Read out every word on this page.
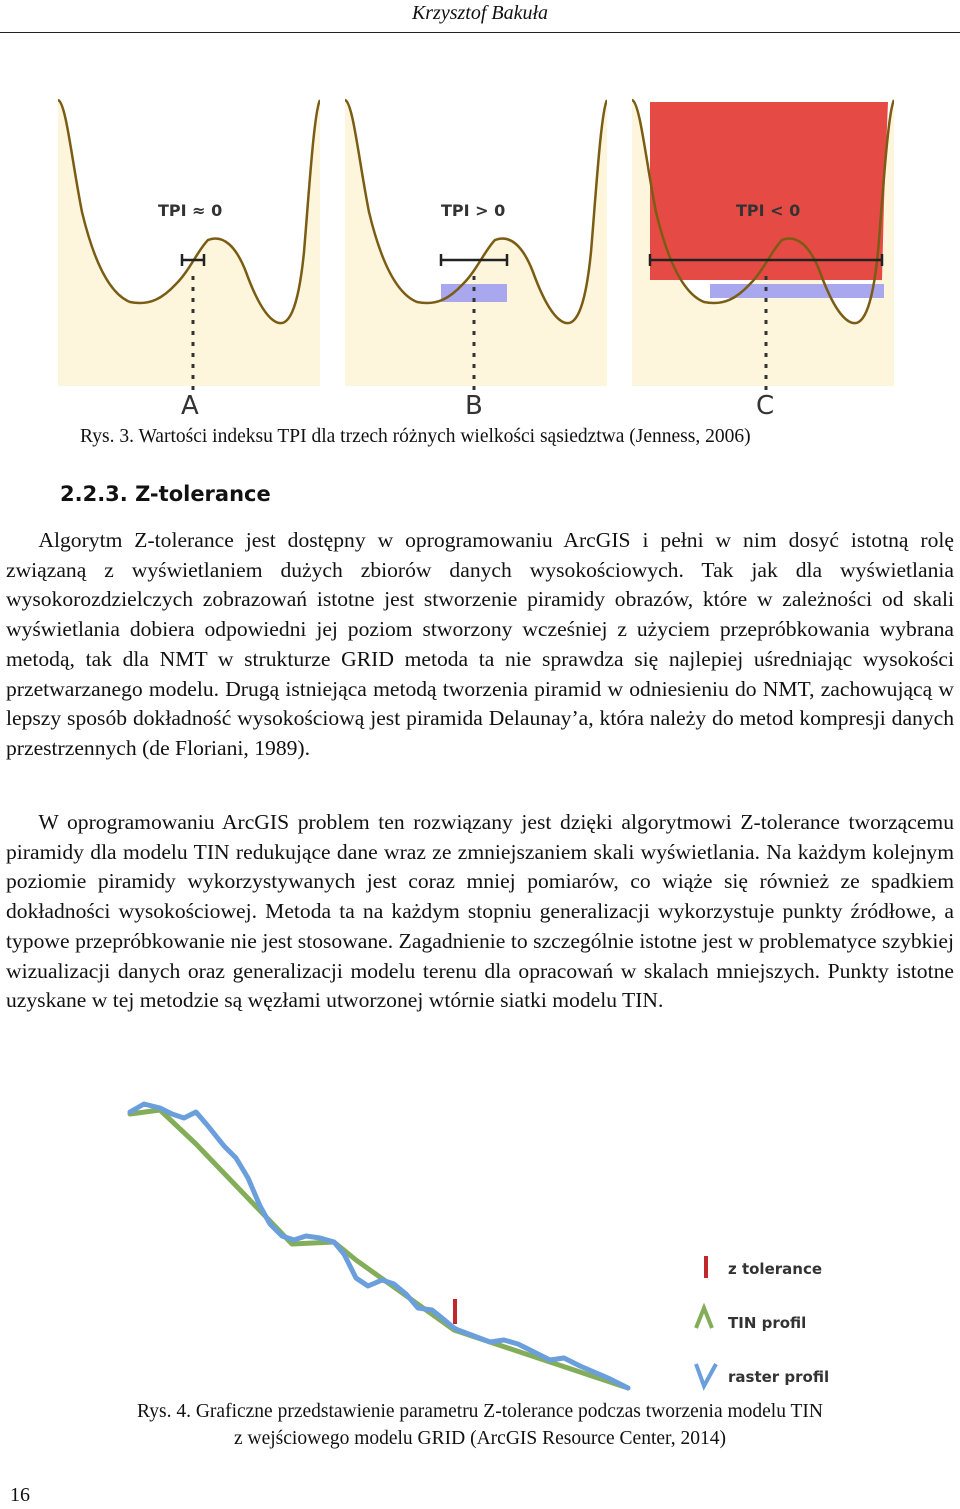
Krzysztof Bakuła
TPI ≈ 0
A
TPI > 0
B
TPI < 0
C
Rys. 3. Wartości indeksu TPI dla trzech różnych wielkości sąsiedztwa (Jenness, 2006)
2.2.3. Z-tolerance

  Algorytm Z-tolerance jest dostępny w oprogramowaniu ArcGIS i pełni w nim dosyć istotną rolę związaną z wyświetlaniem dużych zbiorów danych wysokościowych. Tak jak dla wyświetlania wysokorozdzielczych zobrazowań istotne jest stworzenie piramidy obrazów, które w zależności od skali wyświetlania dobiera odpowiedni jej poziom stworzony wcześniej z użyciem przepróbkowania wybrana metodą, tak dla NMT w strukturze GRID metoda ta nie sprawdza się najlepiej uśredniając wysokości przetwarzanego modelu. Drugą istniejąca metodą tworzenia piramid w odniesieniu do NMT, zachowującą w lepszy sposób dokładność wysokościową jest piramida Delaunay’a, która należy do metod kompresji danych przestrzennych (de Floriani, 1989).

  W oprogramowaniu ArcGIS problem ten rozwiązany jest dzięki algorytmowi Z-tolerance tworzącemu piramidy dla modelu TIN redukujące dane wraz ze zmniejszaniem skali wyświetlania. Na każdym kolejnym poziomie piramidy wykorzystywanych jest coraz mniej pomiarów, co wiąże się również ze spadkiem dokładności wysokościowej. Metoda ta na każdym stopniu generalizacji wykorzystuje punkty źródłowe, a typowe przepróbkowanie nie jest stosowane. Zagadnienie to szczególnie istotne jest w problematyce szybkiej wizualizacji danych oraz generalizacji modelu terenu dla opracowań w skalach mniejszych. Punkty istotne uzyskane w tej metodzie są węzłami utworzonej wtórnie siatki modelu TIN.

z tolerance
TIN profil
raster profil
Rys. 4. Graficzne przedstawienie parametru Z-tolerance podczas tworzenia modelu TIN
z wejściowego modelu GRID (ArcGIS Resource Center, 2014)
16
